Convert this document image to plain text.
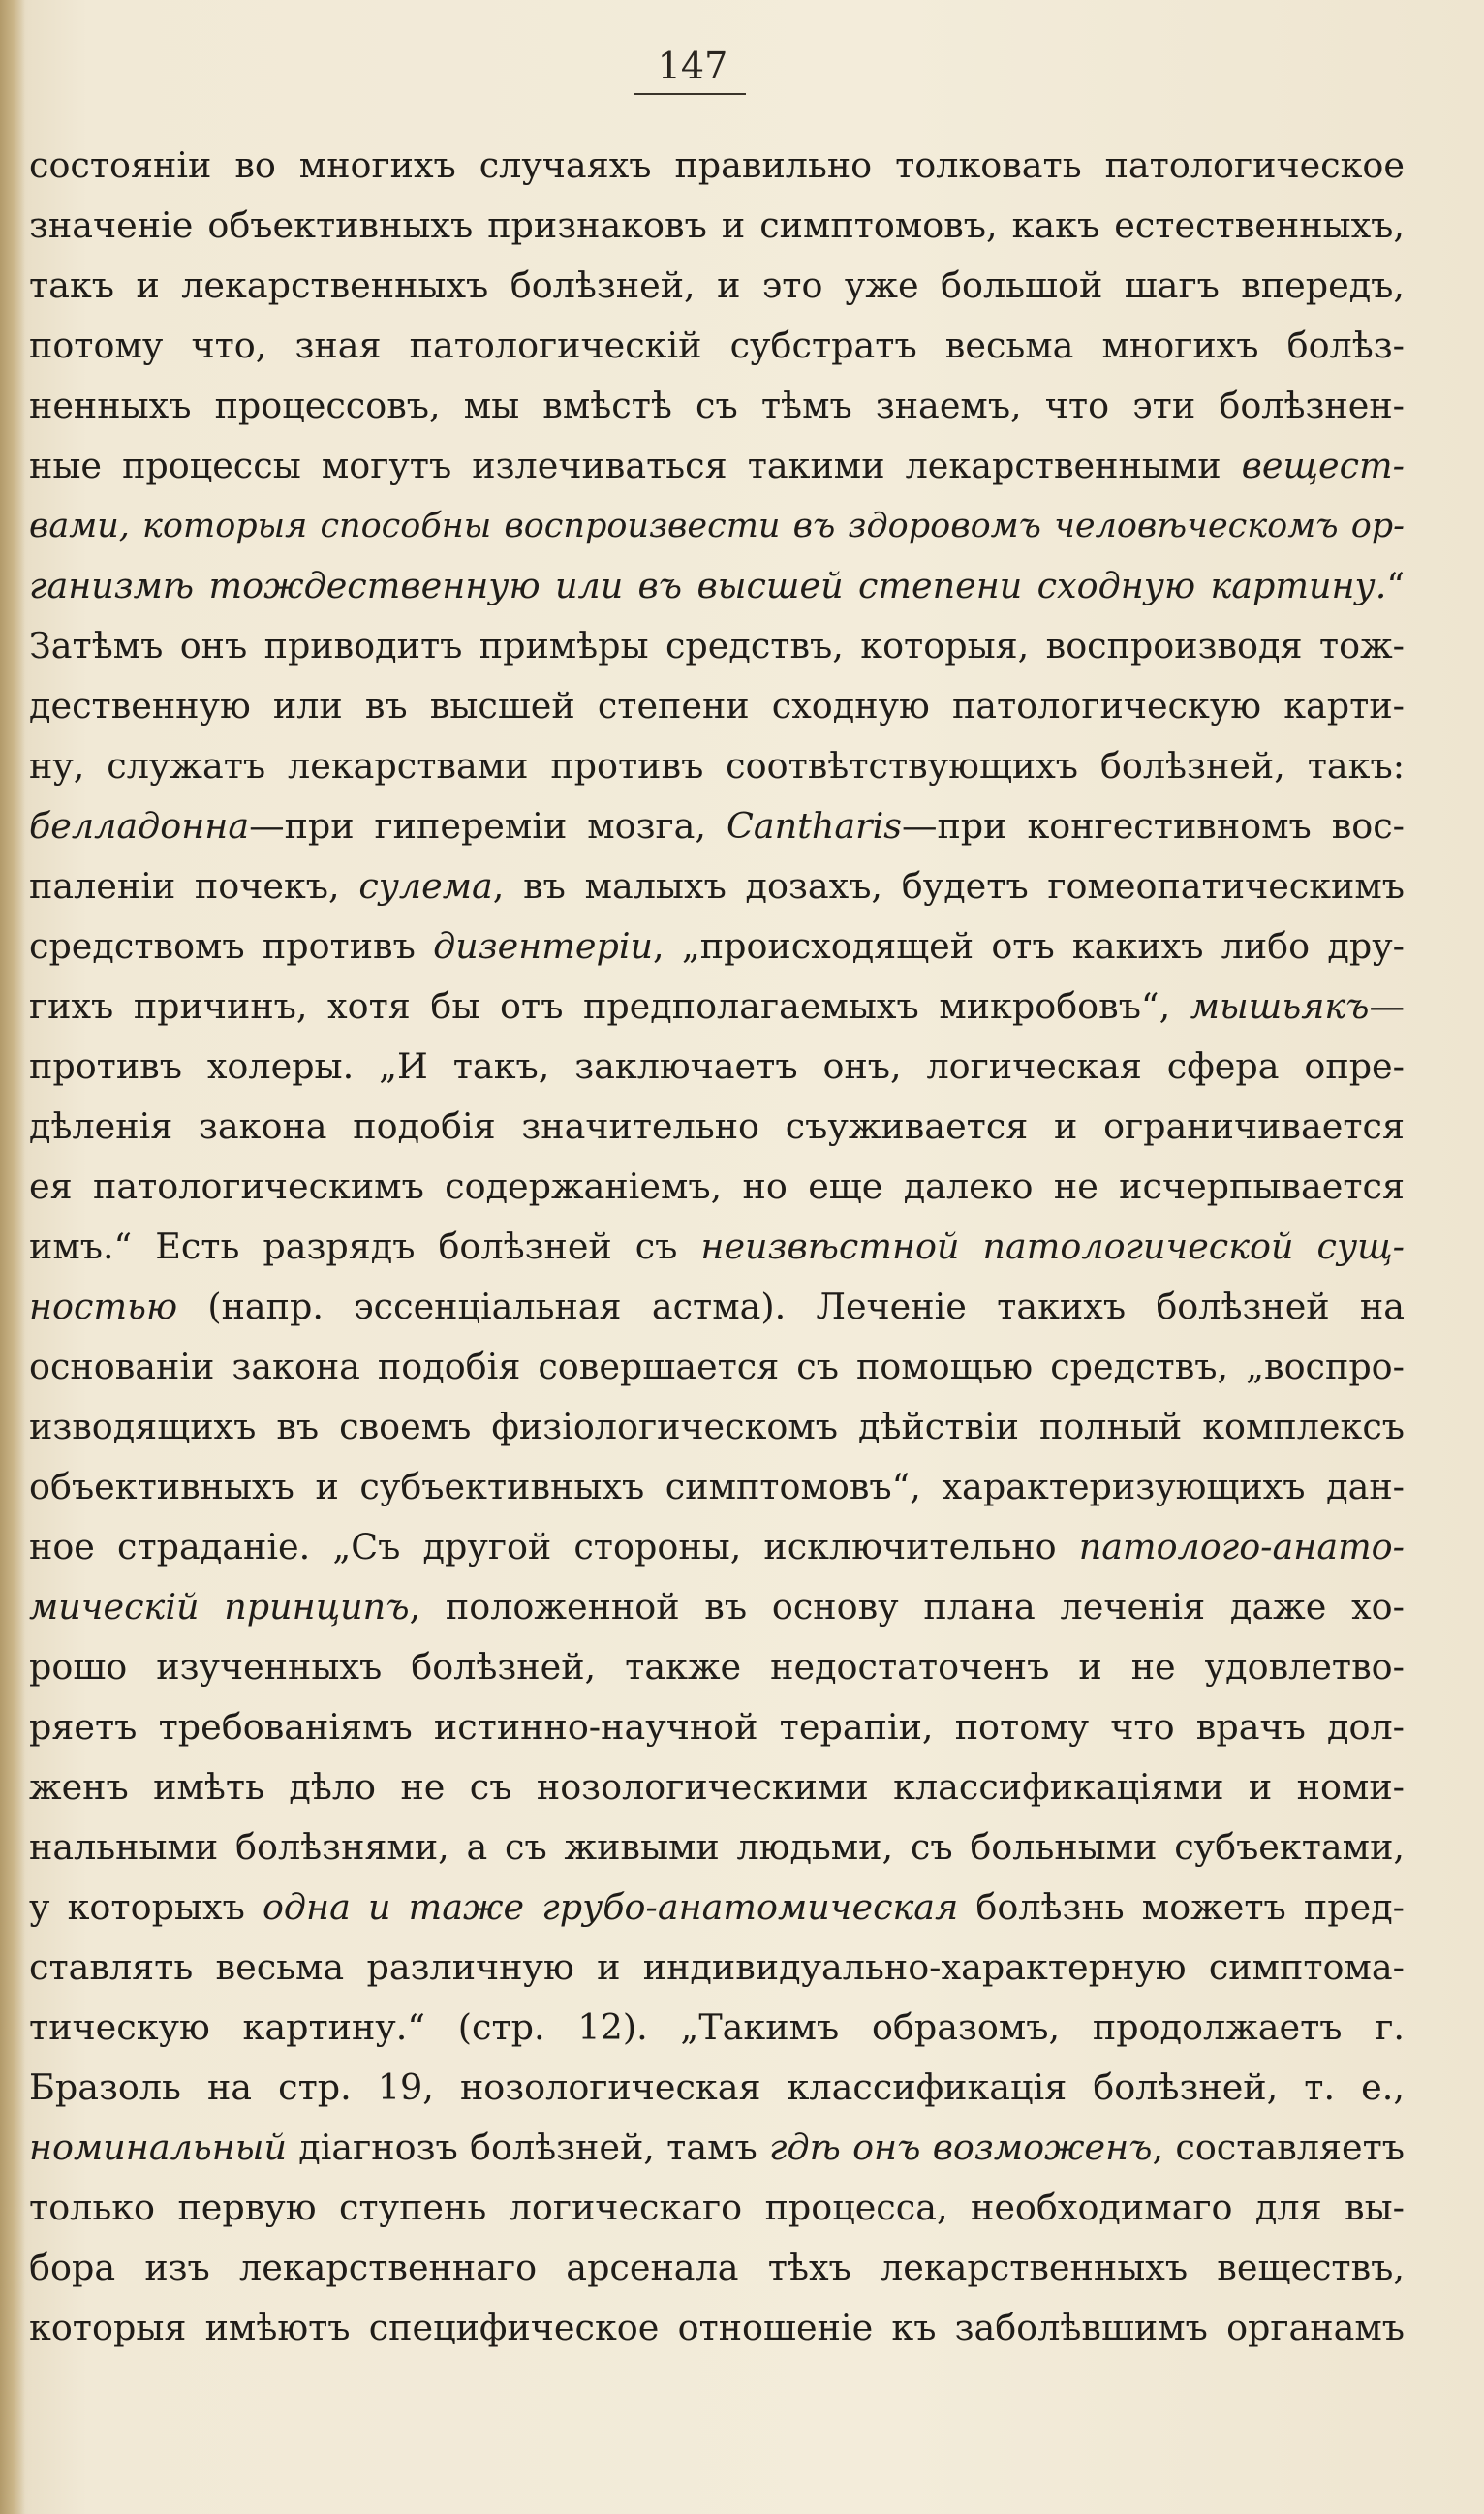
147
состояніи во многихъ случаяхъ правильно толковать патологическое
значеніе объективныхъ признаковъ и симптомовъ, какъ естественныхъ,
такъ и лекарственныхъ болѣзней, и это уже большой шагъ впередъ,
потому что, зная патологическій субстратъ весьма многихъ болѣз-
ненныхъ процессовъ, мы вмѣстѣ съ тѣмъ знаемъ, что эти болѣзнен-
ные процессы могутъ излечиваться такими лекарственными вещест-
вами, которыя способны воспроизвести въ здоровомъ человѣческомъ ор-
ганизмѣ тождественную или въ высшей степени сходную картину.“
Затѣмъ онъ приводитъ примѣры средствъ, которыя, воспроизводя тож-
дественную или въ высшей степени сходную патологическую карти-
ну, служатъ лекарствами противъ соотвѣтствующихъ болѣзней, такъ:
белладонна—при гипереміи мозга, Cantharis—при конгестивномъ вос-
паленіи почекъ, сулема, въ малыхъ дозахъ, будетъ гомеопатическимъ
средствомъ противъ дизентеріи, „происходящей отъ какихъ либо дру-
гихъ причинъ, хотя бы отъ предполагаемыхъ микробовъ“, мышьякъ—
противъ холеры. „И такъ, заключаетъ онъ, логическая сфера опре-
дѣленія закона подобія значительно съуживается и ограничивается
ея патологическимъ содержаніемъ, но еще далеко не исчерпывается
имъ.“ Есть разрядъ болѣзней съ неизвѣстной патологической сущ-
ностью (напр. эссенціальная астма). Леченіе такихъ болѣзней на
основаніи закона подобія совершается съ помощью средствъ, „воспро-
изводящихъ въ своемъ физіологическомъ дѣйствіи полный комплексъ
объективныхъ и субъективныхъ симптомовъ“, характеризующихъ дан-
ное страданіе. „Съ другой стороны, исключительно патолого-анато-
мическій принципъ, положенной въ основу плана леченія даже хо-
рошо изученныхъ болѣзней, также недостаточенъ и не удовлетво-
ряетъ требованіямъ истинно-научной терапіи, потому что врачъ дол-
женъ имѣть дѣло не съ нозологическими классификаціями и номи-
нальными болѣзнями, а съ живыми людьми, съ больными субъектами,
у которыхъ одна и таже грубо-анатомическая болѣзнь можетъ пред-
ставлять весьма различную и индивидуально-характерную симптома-
тическую картину.“ (стр. 12). „Такимъ образомъ, продолжаетъ г.
Бразоль на стр. 19, нозологическая классификація болѣзней, т. е.,
номинальный діагнозъ болѣзней, тамъ гдѣ онъ возможенъ, составляетъ
только первую ступень логическаго процесса, необходимаго для вы-
бора изъ лекарственнаго арсенала тѣхъ лекарственныхъ веществъ,
которыя имѣютъ специфическое отношеніе къ заболѣвшимъ органамъ
